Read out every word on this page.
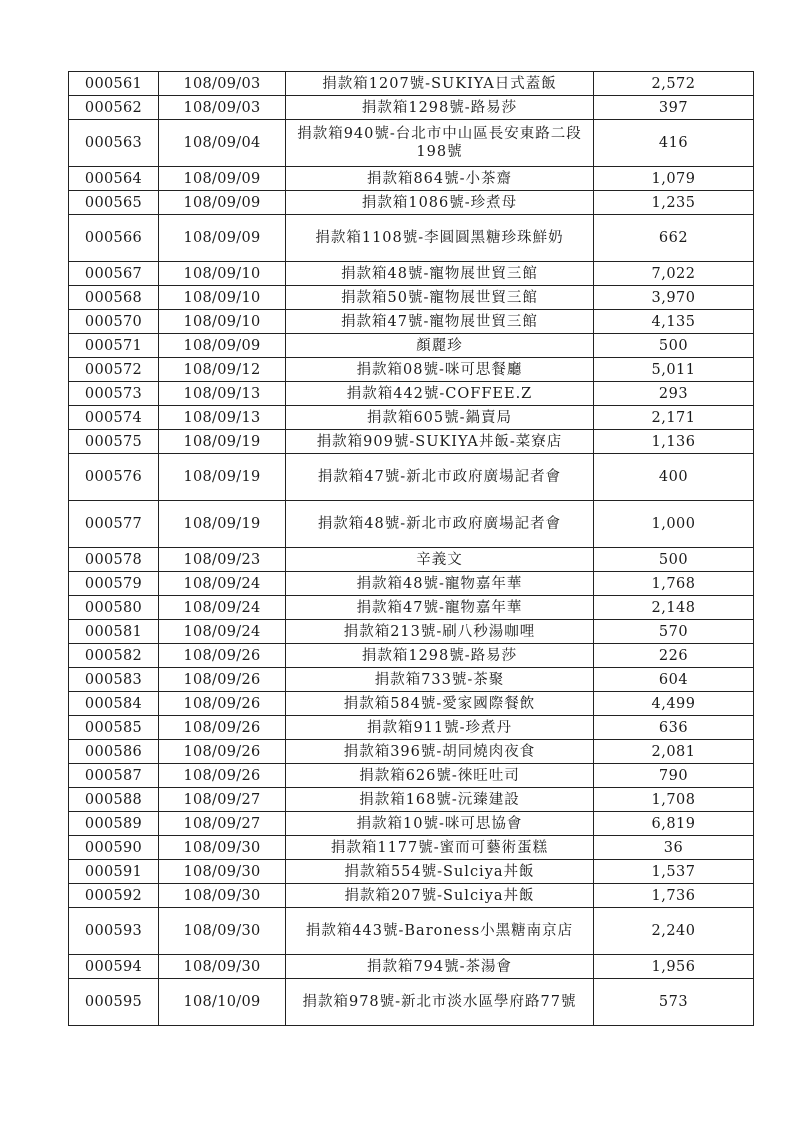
000561	108/09/03	捐款箱1207號-SUKIYA日式蓋飯	2,572
000562	108/09/03	捐款箱1298號-路易莎	397
000563	108/09/04	捐款箱940號-台北市中山區長安東路二段198號	416
000564	108/09/09	捐款箱864號-小茶齋	1,079
000565	108/09/09	捐款箱1086號-珍煮母	1,235
000566	108/09/09	捐款箱1108號-李圓圓黑糖珍珠鮮奶	662
000567	108/09/10	捐款箱48號-寵物展世貿三館	7,022
000568	108/09/10	捐款箱50號-寵物展世貿三館	3,970
000570	108/09/10	捐款箱47號-寵物展世貿三館	4,135
000571	108/09/09	顏麗珍	500
000572	108/09/12	捐款箱08號-咪可思餐廳	5,011
000573	108/09/13	捐款箱442號-COFFEE.Z	293
000574	108/09/13	捐款箱605號-鍋賣局	2,171
000575	108/09/19	捐款箱909號-SUKIYA丼飯-菜寮店	1,136
000576	108/09/19	捐款箱47號-新北市政府廣場記者會	400
000577	108/09/19	捐款箱48號-新北市政府廣場記者會	1,000
000578	108/09/23	辛義文	500
000579	108/09/24	捐款箱48號-寵物嘉年華	1,768
000580	108/09/24	捐款箱47號-寵物嘉年華	2,148
000581	108/09/24	捐款箱213號-刷八秒湯咖哩	570
000582	108/09/26	捐款箱1298號-路易莎	226
000583	108/09/26	捐款箱733號-茶聚	604
000584	108/09/26	捐款箱584號-愛家國際餐飲	4,499
000585	108/09/26	捐款箱911號-珍煮丹	636
000586	108/09/26	捐款箱396號-胡同燒肉夜食	2,081
000587	108/09/26	捐款箱626號-徠旺吐司	790
000588	108/09/27	捐款箱168號-沅臻建設	1,708
000589	108/09/27	捐款箱10號-咪可思協會	6,819
000590	108/09/30	捐款箱1177號-蜜而可藝術蛋糕	36
000591	108/09/30	捐款箱554號-Sulciya丼飯	1,537
000592	108/09/30	捐款箱207號-Sulciya丼飯	1,736
000593	108/09/30	捐款箱443號-Baroness小黑糖南京店	2,240
000594	108/09/30	捐款箱794號-茶湯會	1,956
000595	108/10/09	捐款箱978號-新北市淡水區學府路77號	573
